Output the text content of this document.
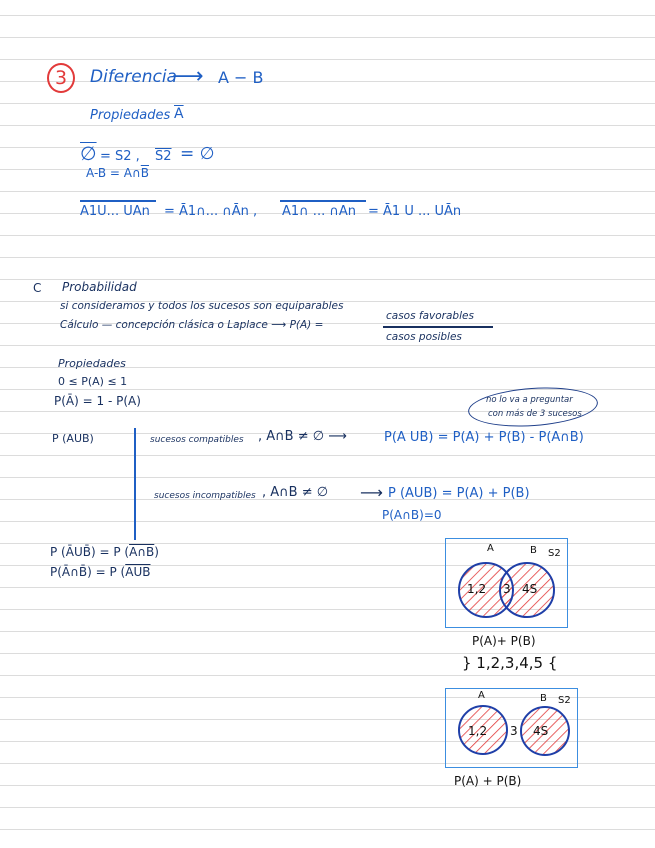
3 Diferencia
⟶ A − B
Propiedades $\overline{A}$
∅ = S2 , S2 = ∅
$A-B = A\cap\overline{B}$
A1U... UAn = Ā1∩... ∩Ān , A1∩ ... ∩An = Ā1 U ... UĀn
C Probabilidad
si consideramos y todos los sucesos son equiparables
Cálculo — concepción clásica o Laplace ⟶ P(A) =
casos favorables
casos posibles
Propiedades
0 ≤ P(A) ≤ 1
P(Ā) = 1 - P(A)	no lo va a preguntar
con más de 3 sucesos
P (AUB)	sucesos compatibles , A∩B ≠ ∅ ⟶	P(A UB) = P(A) + P(B) - P(A∩B)
sucesos incompatibles , A∩B ≠ ∅ ⟶ P (AUB) = P(A) + P(B)
P(A∩B)=0
P (ĀUB̄) = P (A∩B)
P(Ā∩B̄) = P ($\overline{AUB}$
A	B S2
1,2 3 4S
P(A)+ P(B)
} 1,2,3,4,5 {
A	B S2
1,2 3 4S
P(A) + P(B)
